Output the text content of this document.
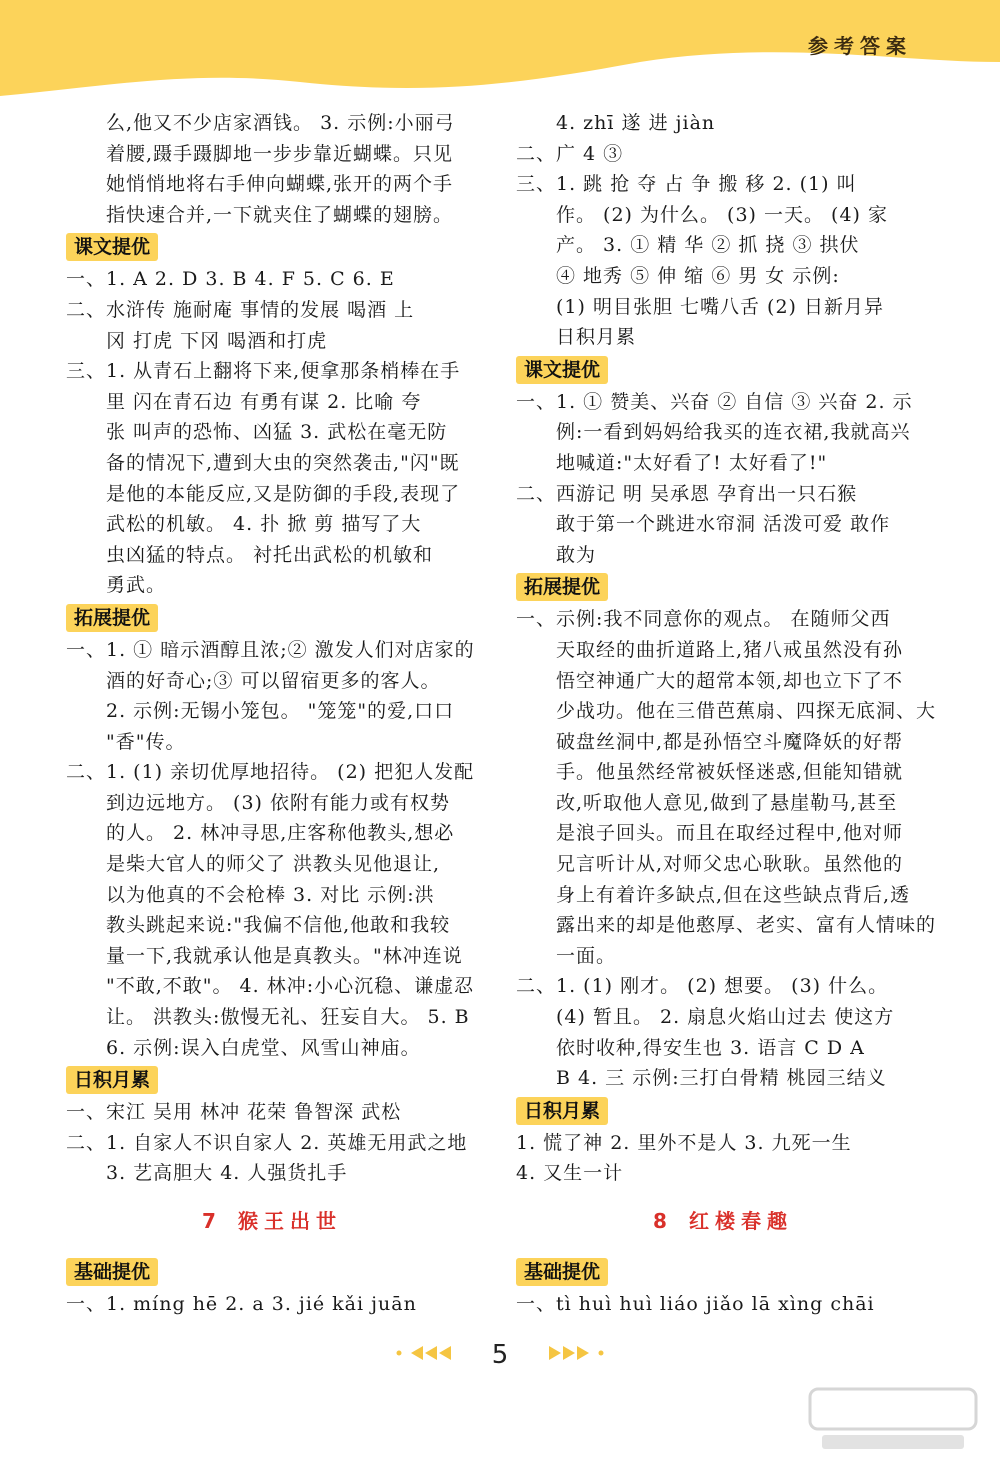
参考答案
么,他又不少店家酒钱。 3. 示例:小丽弓
着腰,蹑手蹑脚地一步步靠近蝴蝶。只见
她悄悄地将右手伸向蝴蝶,张开的两个手
指快速合并,一下就夹住了蝴蝶的翅膀。
课文提优
一、1. A 2. D 3. B 4. F 5. C 6. E
二、水浒传 施耐庵 事情的发展 喝酒 上
冈 打虎 下冈 喝酒和打虎
三、1. 从青石上翻将下来,便拿那条梢棒在手
里 闪在青石边 有勇有谋 2. 比喻 夸
张 叫声的恐怖、凶猛 3. 武松在毫无防
备的情况下,遭到大虫的突然袭击,"闪"既
是他的本能反应,又是防御的手段,表现了
武松的机敏。 4. 扑 掀 剪 描写了大
虫凶猛的特点。 衬托出武松的机敏和
勇武。
拓展提优
一、1. ① 暗示酒醇且浓;② 激发人们对店家的
酒的好奇心;③ 可以留宿更多的客人。
2. 示例:无锡小笼包。 "笼笼"的爱,口口
"香"传。
二、1. (1) 亲切优厚地招待。 (2) 把犯人发配
到边远地方。 (3) 依附有能力或有权势
的人。 2. 林冲寻思,庄客称他教头,想必
是柴大官人的师父了 洪教头见他退让,
以为他真的不会枪棒 3. 对比 示例:洪
教头跳起来说:"我偏不信他,他敢和我较
量一下,我就承认他是真教头。"林冲连说
"不敢,不敢"。 4. 林冲:小心沉稳、谦虚忍
让。 洪教头:傲慢无礼、狂妄自大。 5. B
6. 示例:误入白虎堂、风雪山神庙。
日积月累
一、宋江 吴用 林冲 花荣 鲁智深 武松
二、1. 自家人不识自家人 2. 英雄无用武之地
3. 艺高胆大 4. 人强货扎手
7 猴王出世
基础提优
一、1. míng hē 2. a 3. jié kǎi juān
4. zhī 遂 进 jiàn
二、广 4 ③
三、1. 跳 抢 夺 占 争 搬 移 2. (1) 叫
作。 (2) 为什么。 (3) 一天。 (4) 家
产。 3. ① 精 华 ② 抓 挠 ③ 拱伏
④ 地秀 ⑤ 伸 缩 ⑥ 男 女 示例:
(1) 明目张胆 七嘴八舌 (2) 日新月异
日积月累
课文提优
一、1. ① 赞美、兴奋 ② 自信 ③ 兴奋 2. 示
例:一看到妈妈给我买的连衣裙,我就高兴
地喊道:"太好看了! 太好看了!"
二、西游记 明 吴承恩 孕育出一只石猴
敢于第一个跳进水帘洞 活泼可爱 敢作
敢为
拓展提优
一、示例:我不同意你的观点。 在随师父西
天取经的曲折道路上,猪八戒虽然没有孙
悟空神通广大的超常本领,却也立下了不
少战功。他在三借芭蕉扇、四探无底洞、大
破盘丝洞中,都是孙悟空斗魔降妖的好帮
手。他虽然经常被妖怪迷惑,但能知错就
改,听取他人意见,做到了悬崖勒马,甚至
是浪子回头。而且在取经过程中,他对师
兄言听计从,对师父忠心耿耿。虽然他的
身上有着许多缺点,但在这些缺点背后,透
露出来的却是他憨厚、老实、富有人情味的
一面。
二、1. (1) 刚才。 (2) 想要。 (3) 什么。
(4) 暂且。 2. 扇息火焰山过去 使这方
依时收种,得安生也 3. 语言 C D A
B 4. 三 示例:三打白骨精 桃园三结义
日积月累
1. 慌了神 2. 里外不是人 3. 九死一生
4. 又生一计
8 红楼春趣
基础提优
一、tì huì huì liáo jiǎo lā xìng chāi
5
